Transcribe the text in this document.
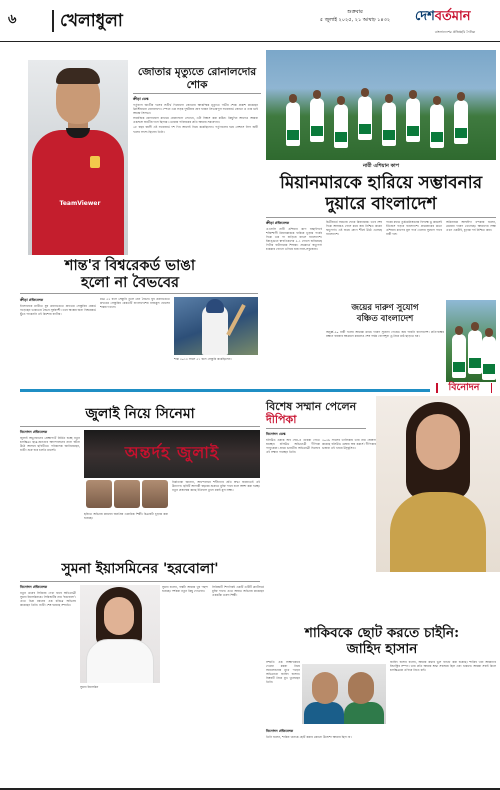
৬	খেলাধুলা	শুক্রবার
৫ জুলাই ২০২৫, ২১ আষাঢ় ১৪৩২	দেশবর্তমান
বাংলাদেশের প্রতিচ্ছবি দৈনিক
TeamViewer
জোতার মৃত্যুতে রোনালদোর শোক
ক্রীড়া ডেস্ক

পর্তুগাল জাতীয় দলের সতীর্থ দিয়োগো জোতার আকস্মিক মৃত্যুতে গভীর শোক প্রকাশ করেছেন ক্রিস্টিয়ানো রোনালদো। স্পেনে এক সড়ক দুর্ঘটনায় প্রাণ হারান লিভারপুল ফরোয়ার্ড জোতা ও তার ভাই আন্দ্রে সিলভা।

সামাজিক যোগাযোগ মাধ্যমে রোনালদো লেখেন, এটা বিশ্বাস করা কঠিন। কিছুদিন আগেও আমরা একসঙ্গে জাতীয় দলে ছিলাম। তোমার পরিবারের প্রতি আমার সমবেদনা।

২৮ বছর বয়সী এই ফরোয়ার্ড দশ দিন আগেই বিয়ে করেছিলেন। পর্তুগালের হয়ে নেশনস লিগ জয়ী দলের সদস্য ছিলেন তিনি।

নারী এশিয়ান কাপ
মিয়ানমারকে হারিয়ে সম্ভাবনার
দুয়ারে বাংলাদেশ
ক্রীড়া প্রতিবেদক
এএফসি নারী এশিয়ান কাপ বাছাইপর্বে শক্তিশালী মিয়ানমারকে হারিয়ে চূড়ান্ত পর্বের দিকে এক পা বাড়িয়ে রাখল বাংলাদেশ। ইয়াঙ্গুনে স্বাগতিকদের ২-১ গোলে হারিয়েছে পিটার বাটলারের শিষ্যরা। প্রথমার্ধে ঋতুপর্ণা চাকমার গোলে এগিয়ে যায় লাল-সবুজেরা।
দ্বিতীয়ার্ধে সমতায় ফেরে মিয়ানমার। তবে শেষ দিকে আবারও গোল করে জয় নিশ্চিত করেন ঋতুপর্ণা। এই জয়ে গ্রুপে শীর্ষে উঠে এসেছে বাংলাদেশ।
পরের ম্যাচে তুর্কমেনিস্তানের বিপক্ষে ড্র করলেই ইতিহাস গড়বে বাংলাদেশ। প্রথমবারের মতো এশিয়ান কাপের মূল পর্বে খেলার সুযোগ পাবে নারী দল।
অধিনায়ক আফঈদা খন্দকার বলেন, মেয়েরা দারুণ খেলেছে। আমাদের লক্ষ্য এখন একটাই, চূড়ান্ত পর্ব নিশ্চিত করা।
জয়ের দারুণ সুযোগ
বঞ্চিত বাংলাদেশ
অনূর্ধ্ব-২০ নারী দলের আরেক ম্যাচে দারুণ সুযোগ পেয়েও জয় পায়নি বাংলাদেশ। প্রতিপক্ষের রক্ষণে বারবার আক্রমণ করলেও শেষ পর্যন্ত গোলশূন্য ড্র নিয়ে মাঠ ছাড়তে হয়।
শান্ত'র বিশ্বরেকর্ড ভাঙা
হলো না বৈভবের
ক্রীড়া প্রতিবেদক
ইংল্যান্ডের মাটিতে যুব ওয়ানডেতে দ্রুততম সেঞ্চুরির রেকর্ড গড়েছেন ভারতের বৈভব সূর্যবংশী। তবে অল্পের জন্য বিশ্বরেকর্ড ছুঁতে পারেননি এই কিশোর ব্যাটার।
মাত্র ৫২ বলে সেঞ্চুরি তুলে নেন বৈভব। যুব ওয়ানডেতে দ্রুততম সেঞ্চুরির রেকর্ডটি বাংলাদেশের নাজমুল হোসেন শান্তর দখলে।
শান্ত ২০১৩ সালে ৫১ বলে সেঞ্চুরি করেছিলেন।
বিনোদন
জুলাই নিয়ে সিনেমা
বিনোদন প্রতিবেদক
জুলাই অভ্যুত্থানের প্রেক্ষাপটে নির্মিত হচ্ছে নতুন চলচ্চিত্র। ছাত্র-জনতার আন্দোলনের নানা ঘটনা উঠে আসবে ছবিটিতে। পরিচালক জানিয়েছেন, শুটিং শুরু হবে চলতি মাসেই।	অন্তর্দহ জুলাই
ছবিতে অভিনয় করবেন জনপ্রিয় একাধিক শিল্পী। চিত্রনাট্য চূড়ান্ত করা হয়েছে।
নির্মাতারা জানান, আন্দোলনে শহীদদের প্রতি শ্রদ্ধা জানাতেই এই উদ্যোগ। ছবিটি আগামী বছরের শুরুতে মুক্তি পাবে বলে আশা করা হচ্ছে। নতুন প্রজন্মের কাছে ইতিহাস তুলে ধরাই মূল লক্ষ্য।
বিশেষ সম্মান পেলেন
দীপিকা
বিনোদন ডেস্ক
হলিউড ওয়াক অব ফেম-এ তারকা পেতে যাচ্ছেন বলিউড অভিনেত্রী দীপিকা পাড়ুকোন। প্রথম ভারতীয় অভিনেত্রী হিসেবে এই সম্মান পাচ্ছেন তিনি।
২০২৬ সালের তালিকায় তার নাম ঘোষণা করেছে হলিউড চেম্বার অব কমার্স। দীপিকার ভক্তরা এই খবরে উচ্ছ্বসিত।
সুমনা ইয়াসমিনের 'হরবোলা'
বিনোদন প্রতিবেদক
নতুন ওয়েব সিরিজে দেখা যাবে অভিনেত্রী সুমনা ইয়াসমিনকে। সিরিজটির নাম 'হরবোলা'। এতে ভিন্ন ধরনের এক চরিত্রে অভিনয় করেছেন তিনি। শুটিং শেষ হয়েছে সম্প্রতি।
সুমনা ইয়াসমিন
সুমনা বলেন, গল্পটা আমার খুব পছন্দ হয়েছে। দর্শকরা নতুন কিছু দেখবেন।
সিরিজটি শিগগিরই একটি ওটিটি প্ল্যাটফর্মে মুক্তি পাবে। এতে আরও অভিনয় করেছেন একঝাঁক তরুণ শিল্পী।
শাকিবকে ছোট করতে চাইনি:
জাহিদ হাসান
সম্প্রতি এক সাক্ষাৎকারে দেওয়া মন্তব্য নিয়ে সমালোচনার মুখে পড়েন অভিনেতা জাহিদ হাসান। বিষয়টি নিয়ে মুখ খুলেছেন তিনি।
বিনোদন প্রতিবেদক
তিনি বলেন, শাকিব খানকে ছোট করার কোনো উদ্দেশ্য আমার ছিল না।
জাহিদ হাসান বলেন, আমার কথার ভুল ব্যাখ্যা করা হয়েছে। শাকিব খান আমাদের ইন্ডাস্ট্রির সম্পদ। তার প্রতি আমার শ্রদ্ধা সবসময় ছিল এবং থাকবে। আমরা সবাই মিলে চলচ্চিত্রকে এগিয়ে নিতে চাই।
